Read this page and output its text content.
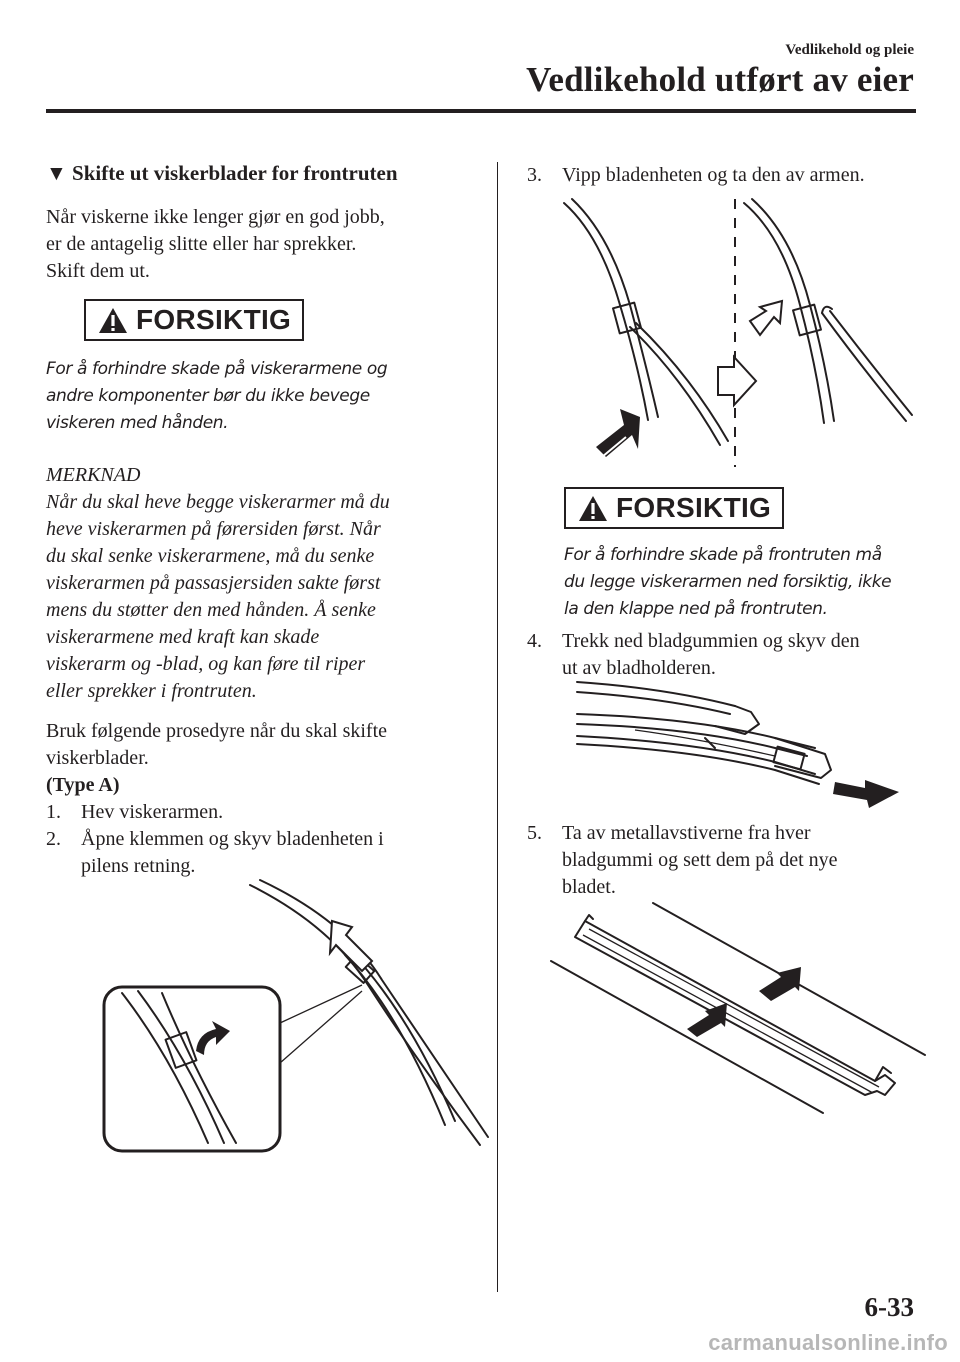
Vedlikehold og pleie
Vedlikehold utført av eier
▼ Skifte ut viskerblader for frontruten
Når viskerne ikke lenger gjør en god jobb,
er de antagelig slitte eller har sprekker.
Skift dem ut.
FORSIKTIG
For å forhindre skade på viskerarmene og
andre komponenter bør du ikke bevege
viskeren med hånden.
MERKNAD
Når du skal heve begge viskerarmer må du
heve viskerarmen på førersiden først. Når
du skal senke viskerarmene, må du senke
viskerarmen på passasjersiden sakte først
mens du støtter den med hånden. Å senke
viskerarmene med kraft kan skade
viskerarm og -blad, og kan føre til riper
eller sprekker i frontruten.
Bruk følgende prosedyre når du skal skifte
viskerblader.
(Type A)
1. Hev viskerarmen.
2. Åpne klemmen og skyv bladenheten i
pilens retning.
3. Vipp bladenheten og ta den av armen.
FORSIKTIG
For å forhindre skade på frontruten må
du legge viskerarmen ned forsiktig, ikke
la den klappe ned på frontruten.
4. Trekk ned bladgummien og skyv den
ut av bladholderen.
5. Ta av metallavstiverne fra hver
bladgummi og sett dem på det nye
bladet.
6-33
carmanualsonline.info
